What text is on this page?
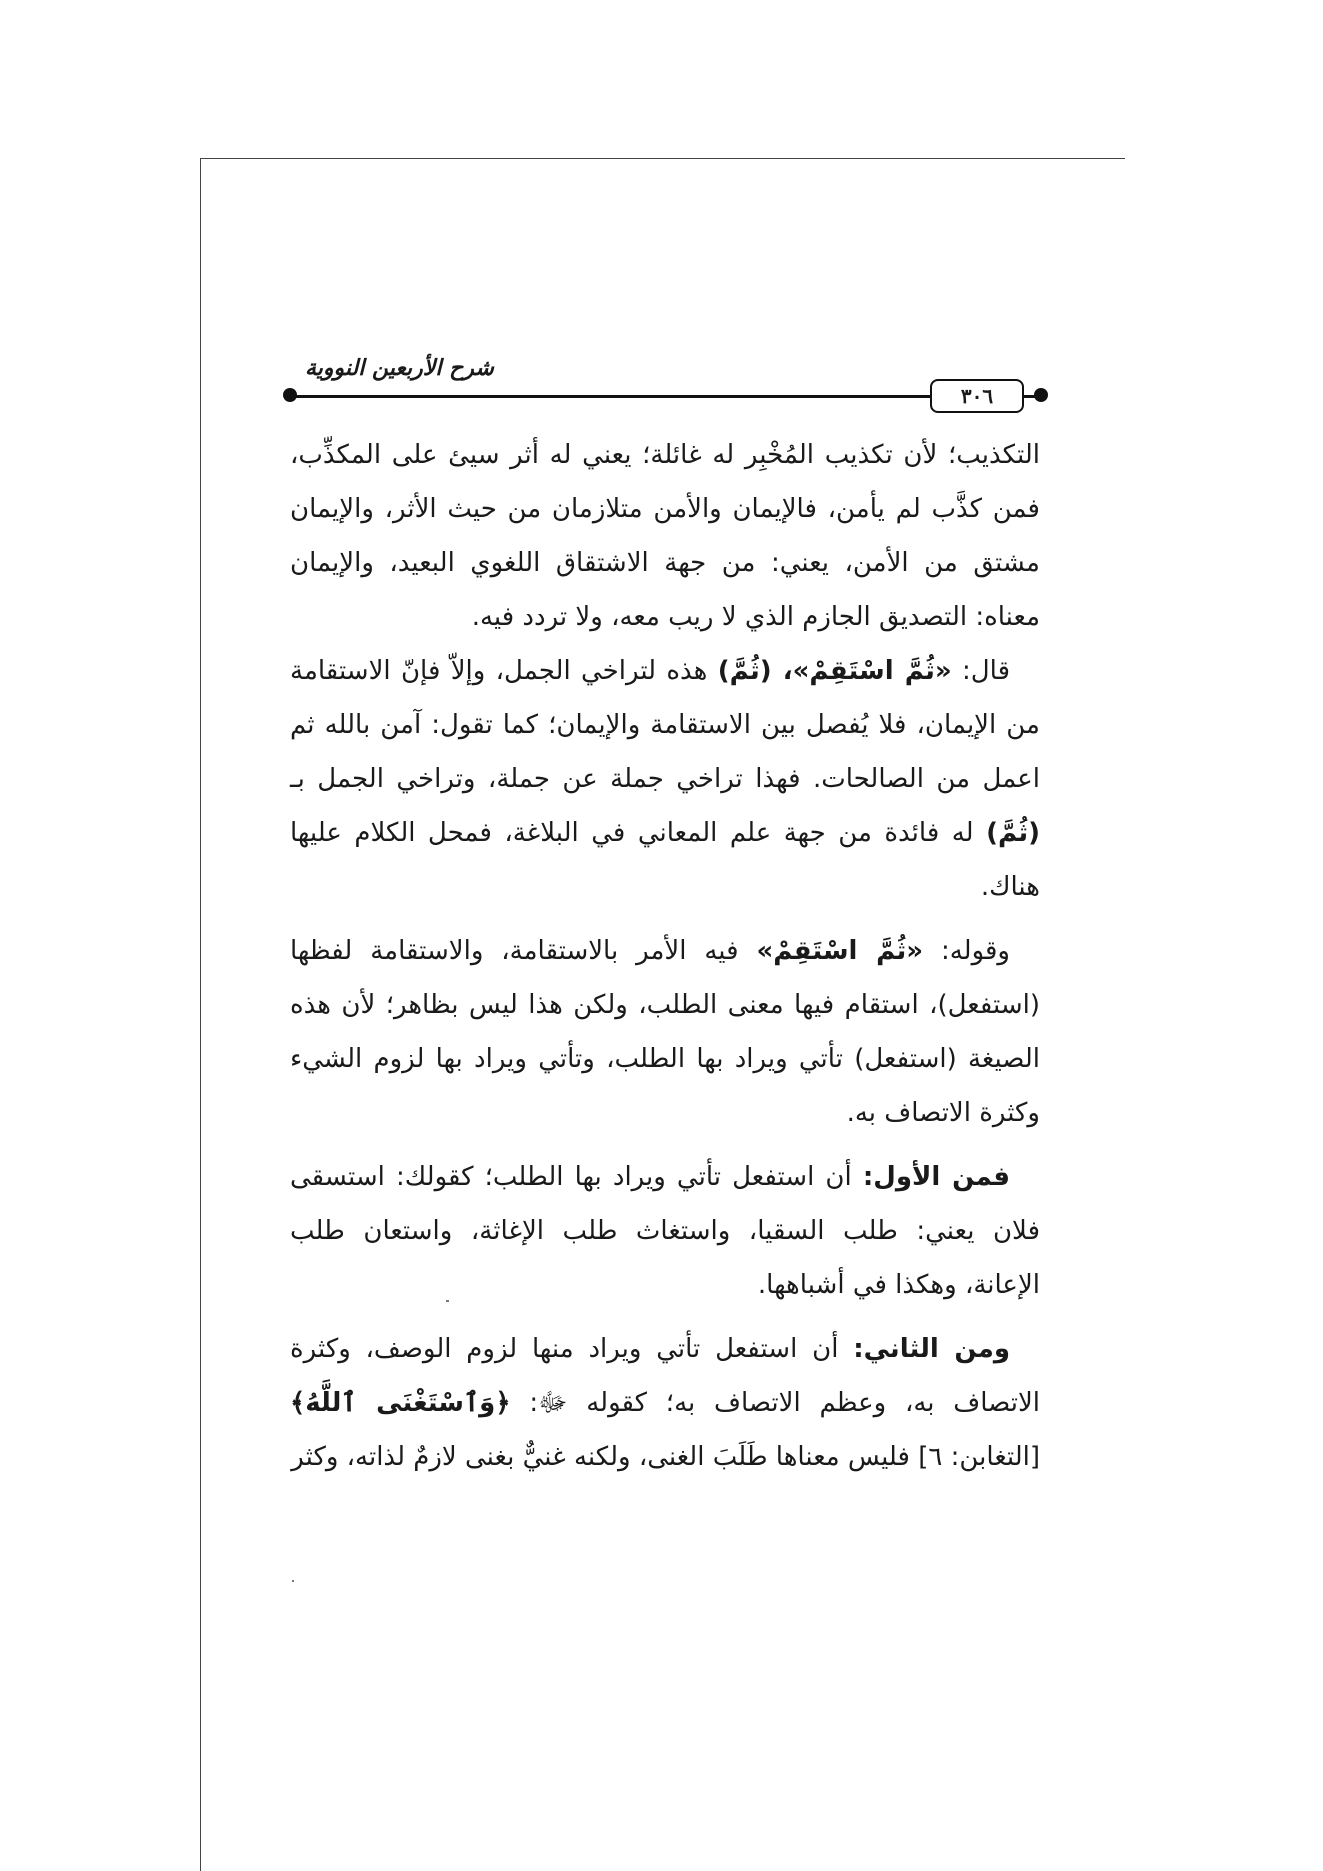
شرح الأربعين النووية
٣٠٦

التكذيب؛ لأن تكذيب المُخْبِر له غائلة؛ يعني له أثر سيئ على المكذِّب، فمن كذَّب لم يأمن، فالإيمان والأمن متلازمان من حيث الأثر، والإيمان مشتق من الأمن، يعني: من جهة الاشتقاق اللغوي البعيد، والإيمان معناه: التصديق الجازم الذي لا ريب معه، ولا تردد فيه.

قال: «ثُمَّ اسْتَقِمْ»، (ثُمَّ) هذه لتراخي الجمل، وإلاّ فإنّ الاستقامة من الإيمان، فلا يُفصل بين الاستقامة والإيمان؛ كما تقول: آمن بالله ثم اعمل من الصالحات. فهذا تراخي جملة عن جملة، وتراخي الجمل بـ (ثُمَّ) له فائدة من جهة علم المعاني في البلاغة، فمحل الكلام عليها هناك.

وقوله: «ثُمَّ اسْتَقِمْ» فيه الأمر بالاستقامة، والاستقامة لفظها (استفعل)، استقام فيها معنى الطلب، ولكن هذا ليس بظاهر؛ لأن هذه الصيغة (استفعل) تأتي ويراد بها الطلب، وتأتي ويراد بها لزوم الشيء وكثرة الاتصاف به.

فمن الأول: أن استفعل تأتي ويراد بها الطلب؛ كقولك: استسقى فلان يعني: طلب السقيا، واستغاث طلب الإغاثة، واستعان طلب الإعانة، وهكذا في أشباهها.

ومن الثاني: أن استفعل تأتي ويراد منها لزوم الوصف، وكثرة الاتصاف به، وعظم الاتصاف به؛ كقوله ﷻ: ﴿وَٱسْتَغْنَى ٱللَّهُ﴾ [التغابن: ٦] فليس معناها طَلَبَ الغنى، ولكنه غنيٌّ بغنى لازمٌ لذاته، وكثر
